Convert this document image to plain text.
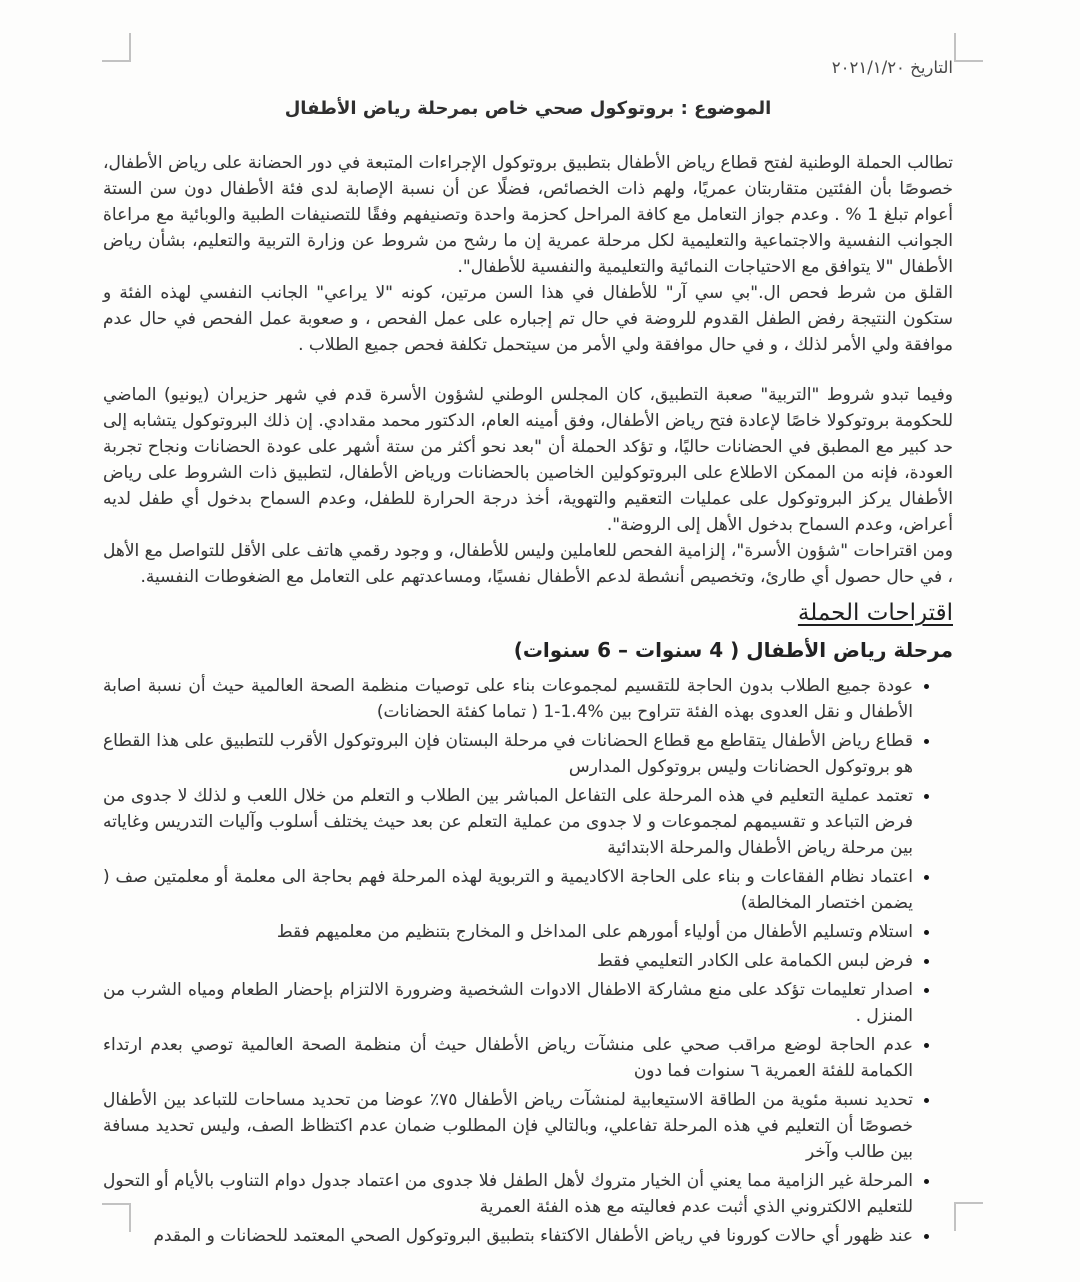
التاريخ ٢٠٢١/١/٢٠
الموضوع : بروتوكول صحي خاص بمرحلة رياض الأطفال

تطالب الحملة الوطنية لفتح قطاع رياض الأطفال بتطبيق بروتوكول الإجراءات المتبعة في دور الحضانة على رياض الأطفال، خصوصًا بأن الفئتين متقاربتان عمريًا، ولهم ذات الخصائص، فضلًا عن أن نسبة الإصابة لدى فئة الأطفال دون سن الستة أعوام تبلغ 1 % . وعدم جواز التعامل مع كافة المراحل كحزمة واحدة وتصنيفهم وفقًا للتصنيفات الطبية والوبائية مع مراعاة الجوانب النفسية والاجتماعية والتعليمية لكل مرحلة عمرية إن ما رشح من شروط عن وزارة التربية والتعليم، بشأن رياض الأطفال "لا يتوافق مع الاحتياجات النمائية والتعليمية والنفسية للأطفال".

القلق من شرط فحص ال."بي سي آر" للأطفال في هذا السن مرتين، كونه "لا يراعي" الجانب النفسي لهذه الفئة و ستكون النتيجة رفض الطفل القدوم للروضة في حال تم إجباره على عمل الفحص ، و صعوبة عمل الفحص في حال عدم موافقة ولي الأمر لذلك ، و في حال موافقة ولي الأمر من سيتحمل تكلفة فحص جميع الطلاب .

وفيما تبدو شروط "التربية" صعبة التطبيق، كان المجلس الوطني لشؤون الأسرة قدم في شهر حزيران (يونيو) الماضي للحكومة بروتوكولا خاصًا لإعادة فتح رياض الأطفال، وفق أمينه العام، الدكتور محمد مقدادي. إن ذلك البروتوكول يتشابه إلى حد كبير مع المطبق في الحضانات حاليًا، و تؤكد الحملة أن "بعد نحو أكثر من ستة أشهر على عودة الحضانات ونجاح تجربة العودة، فإنه من الممكن الاطلاع على البروتوكولين الخاصين بالحضانات ورياض الأطفال، لتطبيق ذات الشروط على رياض الأطفال يركز البروتوكول على عمليات التعقيم والتهوية، أخذ درجة الحرارة للطفل، وعدم السماح بدخول أي طفل لديه أعراض، وعدم السماح بدخول الأهل إلى الروضة".

ومن اقتراحات "شؤون الأسرة"، إلزامية الفحص للعاملين وليس للأطفال، و وجود رقمي هاتف على الأقل للتواصل مع الأهل ، في حال حصول أي طارئ، وتخصيص أنشطة لدعم الأطفال نفسيًا، ومساعدتهم على التعامل مع الضغوطات النفسية.

اقتراحات الحملة
مرحلة رياض الأطفال ( 4 سنوات – 6 سنوات)
• عودة جميع الطلاب بدون الحاجة للتقسيم لمجموعات بناء على توصيات منظمة الصحة العالمية حيث أن نسبة اصابة الأطفال و نقل العدوى بهذه الفئة تتراوح بين %1.4-1 ( تماما كفئة الحضانات)
• قطاع رياض الأطفال يتقاطع مع قطاع الحضانات في مرحلة البستان فإن البروتوكول الأقرب للتطبيق على هذا القطاع هو بروتوكول الحضانات وليس بروتوكول المدارس
• تعتمد عملية التعليم في هذه المرحلة على التفاعل المباشر بين الطلاب و التعلم من خلال اللعب و لذلك لا جدوى من فرض التباعد و تقسيمهم لمجموعات و لا جدوى من عملية التعلم عن بعد حيث يختلف أسلوب وآليات التدريس وغاياته بين مرحلة رياض الأطفال والمرحلة الابتدائية
• اعتماد نظام الفقاعات و بناء على الحاجة الاكاديمية و التربوية لهذه المرحلة فهم بحاجة الى معلمة أو معلمتين صف ( يضمن اختصار المخالطة)
• استلام وتسليم الأطفال من أولياء أمورهم على المداخل و المخارج بتنظيم من معلميهم فقط
• فرض لبس الكمامة على الكادر التعليمي فقط
• اصدار تعليمات تؤكد على منع مشاركة الاطفال الادوات الشخصية وضرورة الالتزام بإحضار الطعام ومياه الشرب من المنزل .
• عدم الحاجة لوضع مراقب صحي على منشآت رياض الأطفال حيث أن منظمة الصحة العالمية توصي بعدم ارتداء الكمامة للفئة العمرية ٦ سنوات فما دون
• تحديد نسبة مئوية من الطاقة الاستيعابية لمنشآت رياض الأطفال ٧٥٪ عوضا من تحديد مساحات للتباعد بين الأطفال خصوصًا أن التعليم في هذه المرحلة تفاعلي، وبالتالي فإن المطلوب ضمان عدم اكتظاظ الصف، وليس تحديد مسافة بين طالب وآخر
• المرحلة غير الزامية مما يعني أن الخيار متروك لأهل الطفل فلا جدوى من اعتماد جدول دوام التناوب بالأيام أو التحول للتعليم الالكتروني الذي أثبت عدم فعاليته مع هذه الفئة العمرية
• عند ظهور أي حالات كورونا في رياض الأطفال الاكتفاء بتطبيق البروتوكول الصحي المعتمد للحضانات و المقدم
